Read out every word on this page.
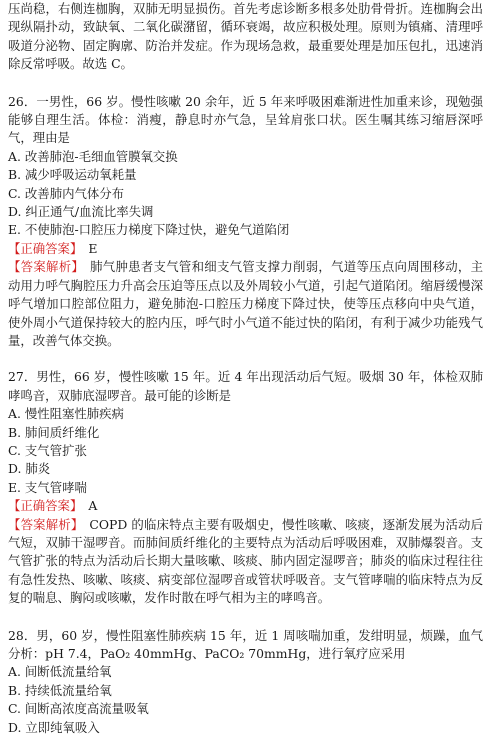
压尚稳，右侧连枷胸，双肺无明显损伤。首先考虑诊断多根多处肋骨骨折。连枷胸会出现纵隔扑动，致缺氧、二氧化碳潴留，循环衰竭，故应积极处理。原则为镇痛、清理呼吸道分泌物、固定胸廓、防治并发症。作为现场急救，最重要处理是加压包扎，迅速消除反常呼吸。故选 C。

26．一男性，66 岁。慢性咳嗽 20 余年，近 5 年来呼吸困难渐进性加重来诊，现勉强能够自理生活。体检：消瘦，静息时亦气急，呈耸肩张口状。医生嘱其练习缩唇深呼气，理由是

A. 改善肺泡-毛细血管膜氧交换

B. 减少呼吸运动氧耗量

C. 改善肺内气体分布

D. 纠正通气/血流比率失调

E. 不使肺泡-口腔压力梯度下降过快，避免气道陷闭

【正确答案】 E

【答案解析】 肺气肿患者支气管和细支气管支撑力削弱，气道等压点向周围移动，主动用力呼气胸腔压力升高会压迫等压点以及外周较小气道，引起气道陷闭。缩唇缓慢深呼气增加口腔部位阻力，避免肺泡-口腔压力梯度下降过快，使等压点移向中央气道，使外周小气道保持较大的腔内压，呼气时小气道不能过快的陷闭，有利于减少功能残气量，改善气体交换。

27．男性，66 岁，慢性咳嗽 15 年。近 4 年出现活动后气短。吸烟 30 年，体检双肺哮鸣音，双肺底湿啰音。最可能的诊断是

A. 慢性阻塞性肺疾病

B. 肺间质纤维化

C. 支气管扩张

D. 肺炎

E. 支气管哮喘

【正确答案】 A

【答案解析】 COPD 的临床特点主要有吸烟史，慢性咳嗽、咳痰，逐渐发展为活动后气短，双肺干湿啰音。而肺间质纤维化的主要特点为活动后呼吸困难，双肺爆裂音。支气管扩张的特点为活动后长期大量咳嗽、咳痰、肺内固定湿啰音；肺炎的临床过程往往有急性发热、咳嗽、咳痰、病变部位湿啰音或管状呼吸音。支气管哮喘的临床特点为反复的喘息、胸闷或咳嗽，发作时散在呼气相为主的哮鸣音。

28．男，60 岁，慢性阻塞性肺疾病 15 年，近 1 周咳喘加重，发绀明显，烦躁，血气分析：pH 7.4，PaO₂ 40mmHg、PaCO₂ 70mmHg，进行氧疗应采用

A. 间断低流量给氧

B. 持续低流量给氧

C. 间断高浓度高流量吸氧

D. 立即纯氧吸入
